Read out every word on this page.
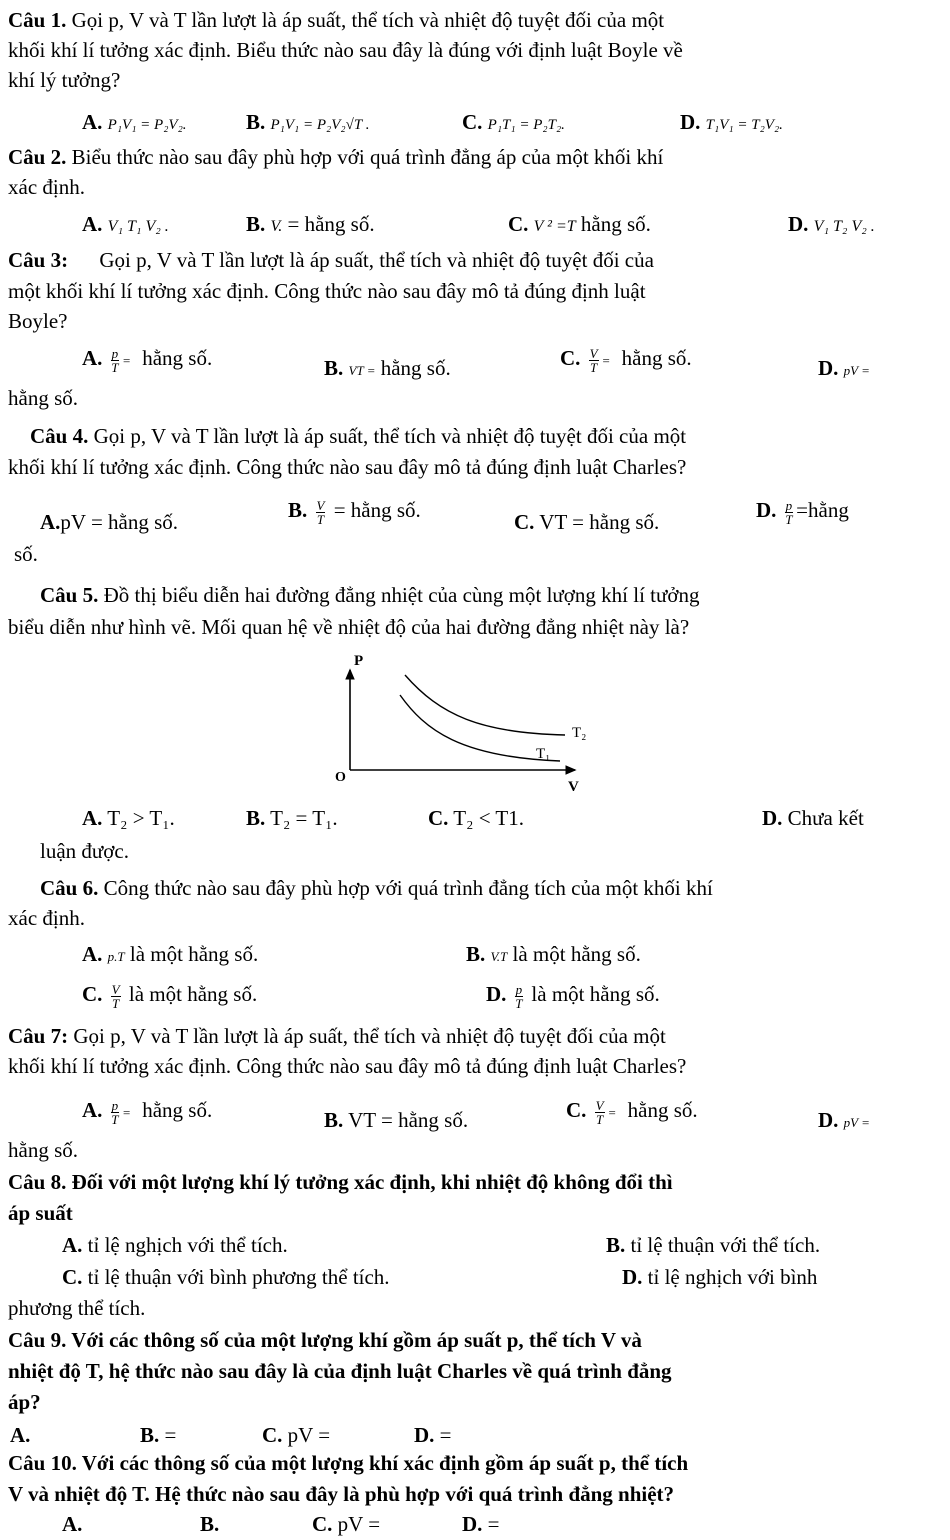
Câu 1. Gọi p, V và T lần lượt là áp suất, thể tích và nhiệt độ tuyệt đối của một
khối khí lí tưởng xác định. Biểu thức nào sau đây là đúng với định luật Boyle về
khí lý tưởng?
A. P₁V₁ = P₂V₂.	B. P₁V₁ = P₂V₂√T .	C. P₁T₁ = P₂T₂.	D. T₁V₁ = T₂V₂.
Câu 2. Biểu thức nào sau đây phù hợp với quá trình đẳng áp của một khối khí
xác định.
A. V₁ T₁ V₂ .	B. V. = hằng số.	C. V ² =T hằng số.	D. V₁ T₂ V₂ .
Câu 3: Gọi p, V và T lần lượt là áp suất, thể tích và nhiệt độ tuyệt đối của
một khối khí lí tưởng xác định. Công thức nào sau đây mô tả đúng định luật
Boyle?
A. $\frac{p}{T}$ = hằng số.	B. VT = hằng số.	C. $\frac{V}{T}$ = hằng số.	D. pV =
hằng số.
Câu 4. Gọi p, V và T lần lượt là áp suất, thể tích và nhiệt độ tuyệt đối của một
khối khí lí tưởng xác định. Công thức nào sau đây mô tả đúng định luật Charles?
A.pV = hằng số.	B. $\frac{V}{T}$ = hằng số.	C. VT = hằng số.	D. $\frac{p}{T}$ =hằng
số.
Câu 5. Đồ thị biểu diễn hai đường đẳng nhiệt của cùng một lượng khí lí tưởng
biểu diễn như hình vẽ. Mối quan hệ về nhiệt độ của hai đường đẳng nhiệt này là?
P
V
O
T₂
T₁
A. T₂ > T₁.	B. T₂ = T₁.	C. T₂ < T1.	D. Chưa kết
luận được.
Câu 6. Công thức nào sau đây phù hợp với quá trình đẳng tích của một khối khí
xác định.
A. p.T là một hằng số.	B. V.T là một hằng số.
C. $\frac{V}{T}$ là một hằng số.	D. $\frac{p}{T}$ là một hằng số.
Câu 7: Gọi p, V và T lần lượt là áp suất, thể tích và nhiệt độ tuyệt đối của một
khối khí lí tưởng xác định. Công thức nào sau đây mô tả đúng định luật Charles?
A. $\frac{p}{T}$ = hằng số.	B. VT = hằng số.	C. $\frac{V}{T}$ = hằng số.	D. pV =
hằng số.
Câu 8. Đối với một lượng khí lý tưởng xác định, khi nhiệt độ không đổi thì
áp suất
A. tỉ lệ nghịch với thể tích.	B. tỉ lệ thuận với thể tích.
C. tỉ lệ thuận với bình phương thể tích.	D. tỉ lệ nghịch với bình
phương thể tích.
Câu 9. Với các thông số của một lượng khí gồm áp suất p, thể tích V và
nhiệt độ T, hệ thức nào sau đây là của định luật Charles về quá trình đẳng
áp?
A.	B. =	C. pV =	D. =
Câu 10. Với các thông số của một lượng khí xác định gồm áp suất p, thể tích
V và nhiệt độ T. Hệ thức nào sau đây là phù hợp với quá trình đẳng nhiệt?
A.	B.	C. pV =	D. =
